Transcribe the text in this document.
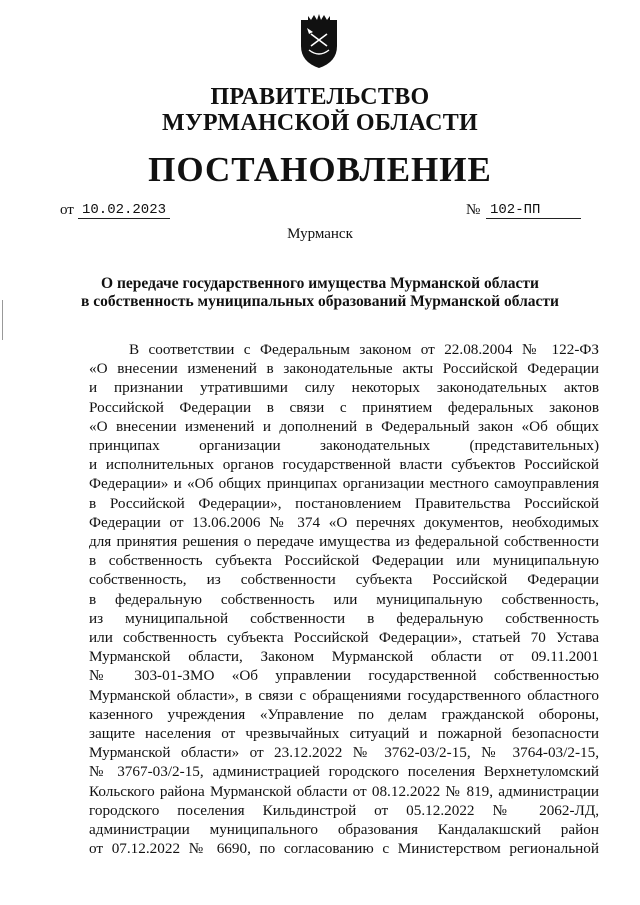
ПРАВИТЕЛЬСТВО
МУРМАНСКОЙ ОБЛАСТИ
ПОСТАНОВЛЕНИЕ
от 10.02.2023	№ 102-ПП
Мурманск
О передаче государственного имущества Мурманской области
в собственность муниципальных образований Мурманской области
В соответствии с Федеральным законом от 22.08.2004 № 122-ФЗ
«О внесении изменений в законодательные акты Российской Федерации
и признании утратившими силу некоторых законодательных актов
Российской Федерации в связи с принятием федеральных законов
«О внесении изменений и дополнений в Федеральный закон «Об общих
принципах организации законодательных (представительных)
и исполнительных органов государственной власти субъектов Российской
Федерации» и «Об общих принципах организации местного самоуправления
в Российской Федерации», постановлением Правительства Российской
Федерации от 13.06.2006 № 374 «О перечнях документов, необходимых
для принятия решения о передаче имущества из федеральной собственности
в собственность субъекта Российской Федерации или муниципальную
собственность, из собственности субъекта Российской Федерации
в федеральную собственность или муниципальную собственность,
из муниципальной собственности в федеральную собственность
или собственность субъекта Российской Федерации», статьей 70 Устава
Мурманской области, Законом Мурманской области от 09.11.2001
№ 303-01-ЗМО «Об управлении государственной собственностью
Мурманской области», в связи с обращениями государственного областного
казенного учреждения «Управление по делам гражданской обороны,
защите населения от чрезвычайных ситуаций и пожарной безопасности
Мурманской области» от 23.12.2022 № 3762-03/2-15, № 3764-03/2-15,
№ 3767-03/2-15, администрацией городского поселения Верхнетуломский
Кольского района Мурманской области от 08.12.2022 № 819, администрации
городского поселения Кильдинстрой от 05.12.2022 № 2062-ЛД,
администрации муниципального образования Кандалакшский район
от 07.12.2022 № 6690, по согласованию с Министерством региональной
